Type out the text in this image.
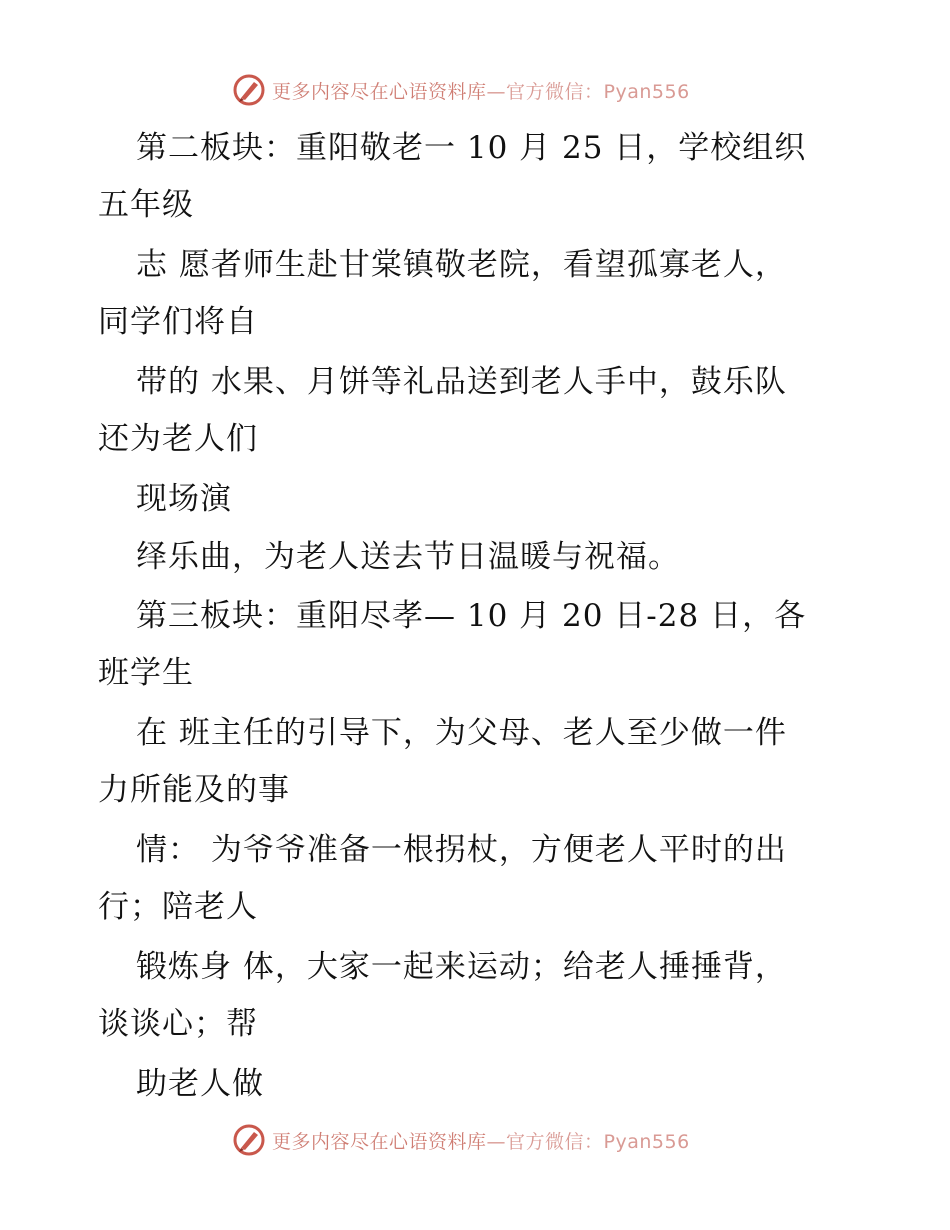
更多内容尽在心语资料库—官方微信：Pyan556
第二板块：重阳敬老一 10 月 25 日，学校组织
五年级
志 愿者师生赴甘棠镇敬老院，看望孤寡老人，
同学们将自
带的 水果、月饼等礼品送到老人手中，鼓乐队
还为老人们
现场演
绎乐曲，为老人送去节日温暖与祝福。
第三板块：重阳尽孝— 10 月 20 日-28 日，各
班学生
在 班主任的引导下，为父母、老人至少做一件
力所能及的事
情： 为爷爷准备一根拐杖，方便老人平时的出
行；陪老人
锻炼身 体，大家一起来运动；给老人捶捶背，
谈谈心；帮
助老人做
更多内容尽在心语资料库—官方微信：Pyan556
